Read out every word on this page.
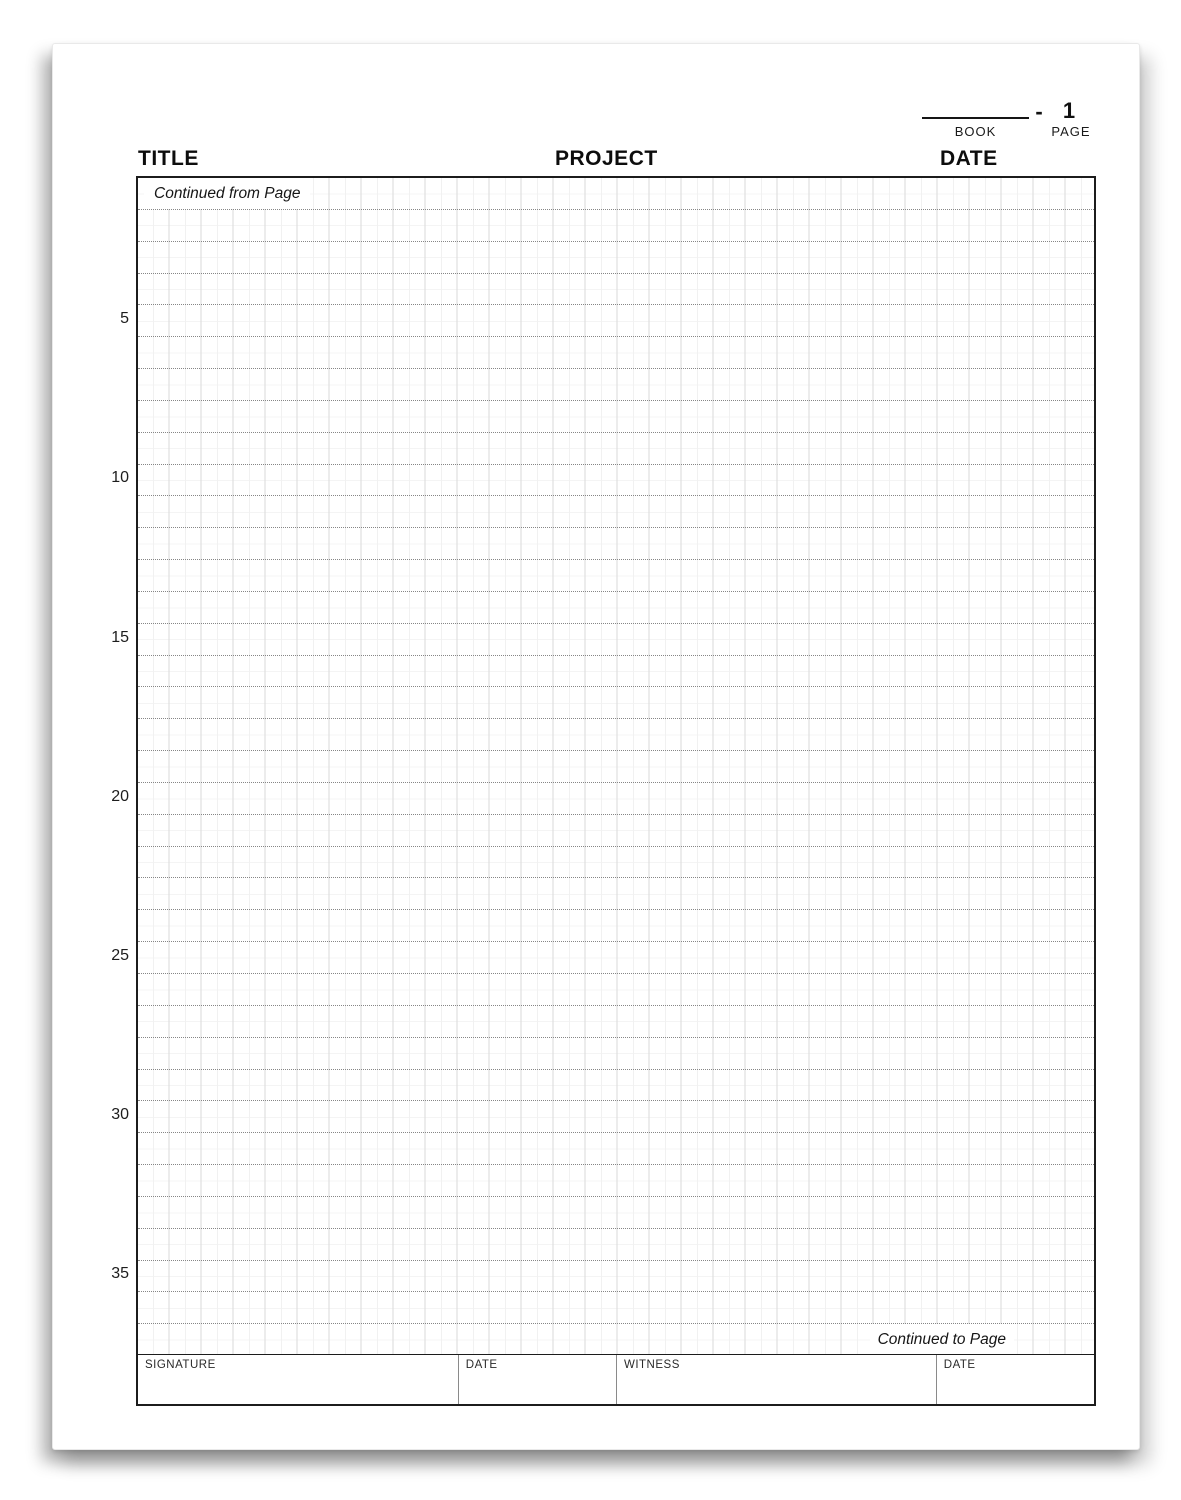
BOOK
- 1
PAGE
TITLE	PROJECT	DATE
5
10
15
20
25
30
35
Continued from Page
Continued to Page
SIGNATURE	DATE	WITNESS	DATE
